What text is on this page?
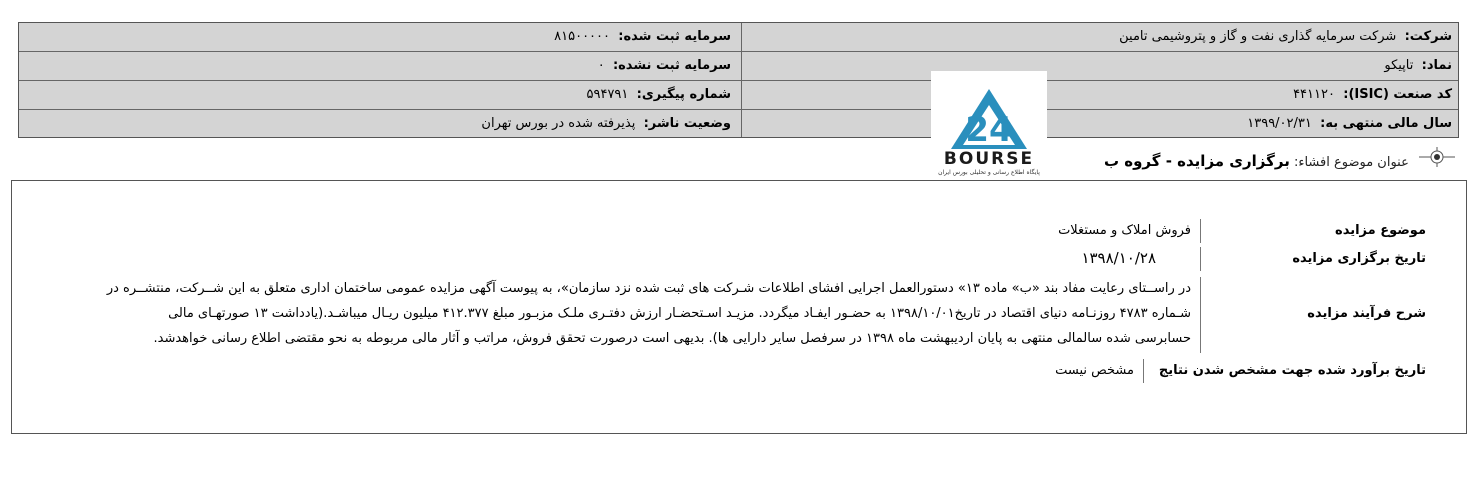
شرکت:  شرکت سرمایه گذاری نفت و گاز و پتروشیمی تامین
سرمایه ثبت شده:  ۸۱۵۰۰۰۰۰
نماد:  تاپیکو
سرمایه ثبت نشده:  ۰
کد صنعت (ISIC):  ۴۴۱۱۲۰
شماره پیگیری:  ۵۹۴۷۹۱
سال مالی منتهی به:  ۱۳۹۹/۰۲/۳۱
وضعیت ناشر:  پذیرفته شده در بورس تهران	24
BOURSE
پایگاه اطلاع رسانی و تحلیلی بورس ایران
عنوان موضوع افشاء: برگزاری مزایده - گروه ب
موضوع مزایده
فروش املاک و مستغلات
تاریخ برگزاری مزایده
۱۳۹۸/۱۰/۲۸
شرح فرآیند مزایده
در راســتای رعایت مفاد بند «ب» ماده ۱۳» دستورالعمل اجرایی افشای اطلاعات شـرکت های ثبت شده نزد سازمان»، به پیوست آگهی مزایده عمومی ساختمان اداری متعلق به این شــرکت، منتشــره در
شـماره ۴۷۸۳ روزنـامه دنیای اقتصاد در تاریخ۱۳۹۸/۱۰/۰۱ به حضـور ایفـاد میگردد. مزیـد اسـتحضـار ارزش دفتـری ملـک مزبـور مبلغ ۴۱۲.۳۷۷ میلیون ریـال میباشـد.(یادداشت ۱۳ صورتهـای مالی
حسابرسی شده سالمالی منتهی به پایان اردیبهشت ماه ۱۳۹۸ در سرفصل سایر دارایی ها). بدیهی است درصورت تحقق فروش، مراتب و آثار مالی مربوطه به نحو مقتضی اطلاع رسانی خواهدشد.
تاریخ برآورد شده جهت مشخص شدن نتایج
مشخص نیست
